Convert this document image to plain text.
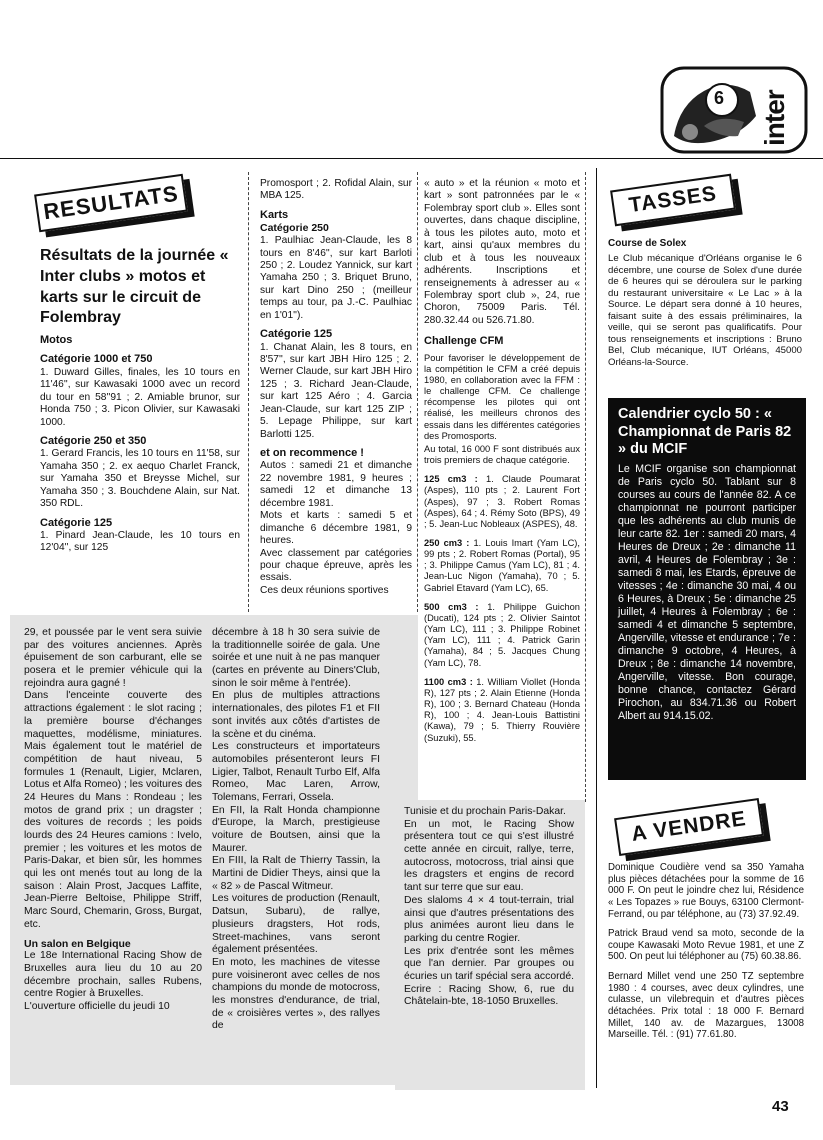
6 inter
RESULTATS
Résultats de la journée « Inter clubs » motos et karts sur le circuit de Folembray
Motos
Catégorie 1000 et 750

1. Duward Gilles, finales, les 10 tours en 11'46'', sur Kawasaki 1000 avec un record du tour en 58''91 ; 2. Amiable brunor, sur Honda 750 ; 3. Picon Olivier, sur Kawasaki 1000.

Catégorie 250 et 350

1. Gerard Francis, les 10 tours en 11'58, sur Yamaha 350 ; 2. ex aequo Charlet Franck, sur Yamaha 350 et Breysse Michel, sur Yamaha 350 ; 3. Bouchdene Alain, sur Nat. 350 RDL.

Catégorie 125

1. Pinard Jean-Claude, les 10 tours en 12'04'', sur 125

Promosport ; 2. Rofidal Alain, sur MBA 125.

Karts
Catégorie 250

1. Paulhiac Jean-Claude, les 8 tours en 8'46'', sur kart Barloti 250 ; 2. Loudez Yannick, sur kart Yamaha 250 ; 3. Briquet Bruno, sur kart Dino 250 ; (meilleur temps au tour, pa J.-C. Paulhiac en 1'01'').

Catégorie 125

1. Chanat Alain, les 8 tours, en 8'57'', sur kart JBH Hiro 125 ; 2. Werner Claude, sur kart JBH Hiro 125 ; 3. Richard Jean-Claude, sur kart 125 Aéro ; 4. Garcia Jean-Claude, sur kart 125 ZIP ; 5. Lepage Philippe, sur kart Barlotti 125.

et on recommence !

Autos : samedi 21 et dimanche 22 novembre 1981, 9 heures ; samedi 12 et dimanche 13 décembre 1981.

Mots et karts : samedi 5 et dimanche 6 décembre 1981, 9 heures.

Avec classement par catégories pour chaque épreuve, après les essais.

Ces deux réunions sportives

« auto » et la réunion « moto et kart » sont patronnées par le « Folembray sport club ». Elles sont ouvertes, dans chaque discipline, à tous les pilotes auto, moto et kart, ainsi qu'aux membres du club et à tous les nouveaux adhérents. Inscriptions et renseignements à adresser au « Folembray sport club », 24, rue Choron, 75009 Paris. Tél. 280.32.44 ou 526.71.80.

Challenge CFM

Pour favoriser le développement de la compétition le CFM a créé depuis 1980, en collaboration avec la FFM : le challenge CFM. Ce challenge récompense les pilotes qui ont réalisé, les meilleurs chronos des essais dans les différentes catégories des Promosports.

Au total, 16 000 F sont distribués aux trois premiers de chaque catégorie.

125 cm3 : 1. Claude Poumarat (Aspes), 110 pts ; 2. Laurent Fort (Aspes), 97 ; 3. Robert Romas (Aspes), 64 ; 4. Rémy Soto (BPS), 49 ; 5. Jean-Luc Nobleaux (ASPES), 48.

250 cm3 : 1. Louis Imart (Yam LC), 99 pts ; 2. Robert Romas (Portal), 95 ; 3. Philippe Camus (Yam LC), 81 ; 4. Jean-Luc Nigon (Yamaha), 70 ; 5. Gabriel Etavard (Yam LC), 65.

500 cm3 : 1. Philippe Guichon (Ducati), 124 pts ; 2. Olivier Saintot (Yam LC), 111 ; 3. Philippe Robinet (Yam LC), 111 ; 4. Patrick Garin (Yamaha), 84 ; 5. Jacques Chung (Yam LC), 78.

1100 cm3 : 1. William Viollet (Honda R), 127 pts ; 2. Alain Etienne (Honda R), 100 ; 3. Bernard Chateau (Honda R), 100 ; 4. Jean-Louis Battistini (Kawa), 79 ; 5. Thierry Rouvière (Suzuki), 55.

29, et poussée par le vent sera suivie par des voitures anciennes. Après épuisement de son carburant, elle se posera et le premier véhicule qui la rejoindra aura gagné !

Dans l'enceinte couverte des attractions également : le slot racing ; la première bourse d'échanges maquettes, modélisme, miniatures. Mais également tout le matériel de compétition de haut niveau, 5 formules 1 (Renault, Ligier, Mclaren, Lotus et Alfa Romeo) ; les voitures des 24 Heures du Mans : Rondeau ; les motos de grand prix ; un dragster ; des voitures de records ; les poids lourds des 24 Heures camions : Ivelo, premier ; les voitures et les motos de Paris-Dakar, et bien sûr, les hommes qui les ont menés tout au long de la saison : Alain Prost, Jacques Laffite, Jean-Pierre Beltoise, Philippe Striff, Marc Sourd, Chemarin, Gross, Burgat, etc.

Un salon en Belgique

Le 18e International Racing Show de Bruxelles aura lieu du 10 au 20 décembre prochain, salles Rubens, centre Rogier à Bruxelles.

L'ouverture officielle du jeudi 10

décembre à 18 h 30 sera suivie de la traditionnelle soirée de gala. Une soirée et une nuit à ne pas manquer (cartes en prévente au Diners'Club, sinon le soir même à l'entrée).

En plus de multiples attractions internationales, des pilotes F1 et FII sont invités aux côtés d'artistes de la scène et du cinéma.

Les constructeurs et importateurs automobiles présenteront leurs FI Ligier, Talbot, Renault Turbo Elf, Alfa Romeo, Mac Laren, Arrow, Tolemans, Ferrari, Ossela.

En FII, la Ralt Honda championne d'Europe, la March, prestigieuse voiture de Boutsen, ainsi que la Maurer.

En FIII, la Ralt de Thierry Tassin, la Martini de Didier Theys, ainsi que la « 82 » de Pascal Witmeur.

Les voitures de production (Renault, Datsun, Subaru), de rallye, plusieurs dragsters, Hot rods, Street-machines, vans seront également présentées.

En moto, les machines de vitesse pure voisineront avec celles de nos champions du monde de motocross, les monstres d'endurance, de trial, de « croisières vertes », des rallyes de

Tunisie et du prochain Paris-Dakar.

En un mot, le Racing Show présentera tout ce qui s'est illustré cette année en circuit, rallye, terre, autocross, motocross, trial ainsi que les dragsters et engins de record tant sur terre que sur eau.

Des slaloms 4 × 4 tout-terrain, trial ainsi que d'autres présentations des plus animées auront lieu dans le parking du centre Rogier.

Les prix d'entrée sont les mêmes que l'an dernier. Par groupes ou écuries un tarif spécial sera accordé. Ecrire : Racing Show, 6, rue du Châtelain-bte, 18-1050 Bruxelles.

TASSES
Course de Solex

Le Club mécanique d'Orléans organise le 6 décembre, une course de Solex d'une durée de 6 heures qui se déroulera sur le parking du restaurant universitaire « Le Lac » à la Source. Le départ sera donné à 10 heures, faisant suite à des essais préliminaires, la veille, qui se seront pas qualificatifs. Pour tous renseignements et inscriptions : Bruno Bel, Club mécanique, IUT Orléans, 45000 Orléans-la-Source.

Calendrier cyclo 50 : « Championnat de Paris 82 » du MCIF

Le MCIF organise son championnat de Paris cyclo 50. Tablant sur 8 courses au cours de l'année 82. A ce championnat ne pourront participer que les adhérents au club munis de leur carte 82. 1er : samedi 20 mars, 4 Heures de Dreux ; 2e : dimanche 11 avril, 4 Heures de Folembray ; 3e : samedi 8 mai, les Etards, épreuve de vitesses ; 4e : dimanche 30 mai, 4 ou 6 Heures, à Dreux ; 5e : dimanche 25 juillet, 4 Heures à Folembray ; 6e : samedi 4 et dimanche 5 septembre, Angerville, vitesse et endurance ; 7e : dimanche 9 octobre, 4 Heures, à Dreux ; 8e : dimanche 14 novembre, Angerville, vitesse. Bon courage, bonne chance, contactez Gérard Pirochon, au 834.71.36 ou Robert Albert au 914.15.02.

A VENDRE

Dominique Coudière vend sa 350 Yamaha plus pièces détachées pour la somme de 16 000 F. On peut le joindre chez lui, Résidence « Les Topazes » rue Bouys, 63100 Clermont-Ferrand, ou par téléphone, au (73) 37.92.49.

Patrick Braud vend sa moto, seconde de la coupe Kawasaki Moto Revue 1981, et une Z 500. On peut lui téléphoner au (75) 60.38.86.

Bernard Millet vend une 250 TZ septembre 1980 : 4 courses, avec deux cylindres, une culasse, un vilebrequin et d'autres pièces détachées. Prix total : 18 000 F. Bernard Millet, 140 av. de Mazargues, 13008 Marseille. Tél. : (91) 77.61.80.

43
